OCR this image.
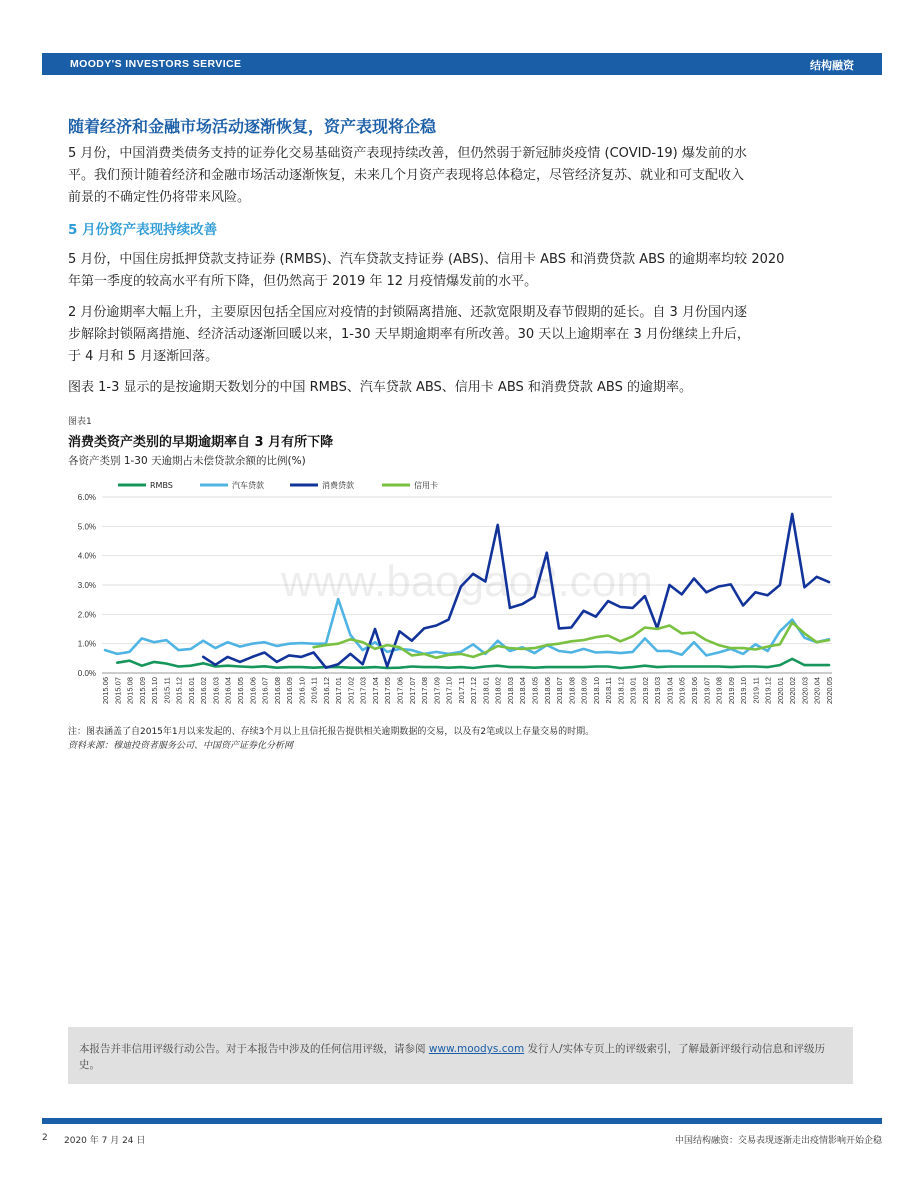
MOODY'S INVESTORS SERVICE	结构融资
随着经济和金融市场活动逐渐恢复，资产表现将企稳
5 月份，中国消费类债务支持的证券化交易基础资产表现持续改善，但仍然弱于新冠肺炎疫情 (COVID-19) 爆发前的水
平。我们预计随着经济和金融市场活动逐渐恢复，未来几个月资产表现将总体稳定，尽管经济复苏、就业和可支配收入
前景的不确定性仍将带来风险。
5 月份资产表现持续改善
5 月份，中国住房抵押贷款支持证券 (RMBS)、汽车贷款支持证券 (ABS)、信用卡 ABS 和消费贷款 ABS 的逾期率均较 2020
年第一季度的较高水平有所下降，但仍然高于 2019 年 12 月疫情爆发前的水平。
2 月份逾期率大幅上升，主要原因包括全国应对疫情的封锁隔离措施、还款宽限期及春节假期的延长。自 3 月份国内逐
步解除封锁隔离措施、经济活动逐渐回暖以来，1-30 天早期逾期率有所改善。30 天以上逾期率在 3 月份继续上升后，
于 4 月和 5 月逐渐回落。
图表 1-3 显示的是按逾期天数划分的中国 RMBS、汽车贷款 ABS、信用卡 ABS 和消费贷款 ABS 的逾期率。
图表1
消费类资产类别的早期逾期率自 3 月有所下降
各资产类别 1-30 天逾期占未偿贷款余额的比例(%)
0.0%
1.0%
2.0%
3.0%
4.0%
5.0%
6.0%
www.baogao8.com
2015.06 2015.07 2015.08 2015.09 2015.10 2015.11 2015.12 2016.01 2016.02 2016.03 2016.04 2016.05 2016.06 2016.07 2016.08 2016.09 2016.10 2016.11 2016.12 2017.01 2017.02 2017.03 2017.04 2017.05 2017.06 2017.07 2017.08 2017.09 2017.10 2017.11 2017.12 2018.01 2018.02 2018.03 2018.04 2018.05 2018.06 2018.07 2018.08 2018.09 2018.10 2018.11 2018.12 2019.01 2019.02 2019.03 2019.04 2019.05 2019.06 2019.07 2019.08 2019.09 2019.10 2019.11 2019.12 2020.01 2020.02 2020.03 2020.04 2020.05
RMBS	汽车贷款	消费贷款	信用卡
注：图表涵盖了自2015年1月以来发起的、存续3个月以上且信托报告提供相关逾期数据的交易，以及有2笔或以上存量交易的时期。
资料来源：穆迪投资者服务公司、中国资产证券化分析网

本报告并非信用评级行动公告。对于本报告中涉及的任何信用评级，请参阅 www.moodys.com 发行人/实体专页上的评级索引，了解最新评级行动信息和评级历史。

2 2020 年 7 月 24 日	中国结构融资：交易表现逐渐走出疫情影响开始企稳
